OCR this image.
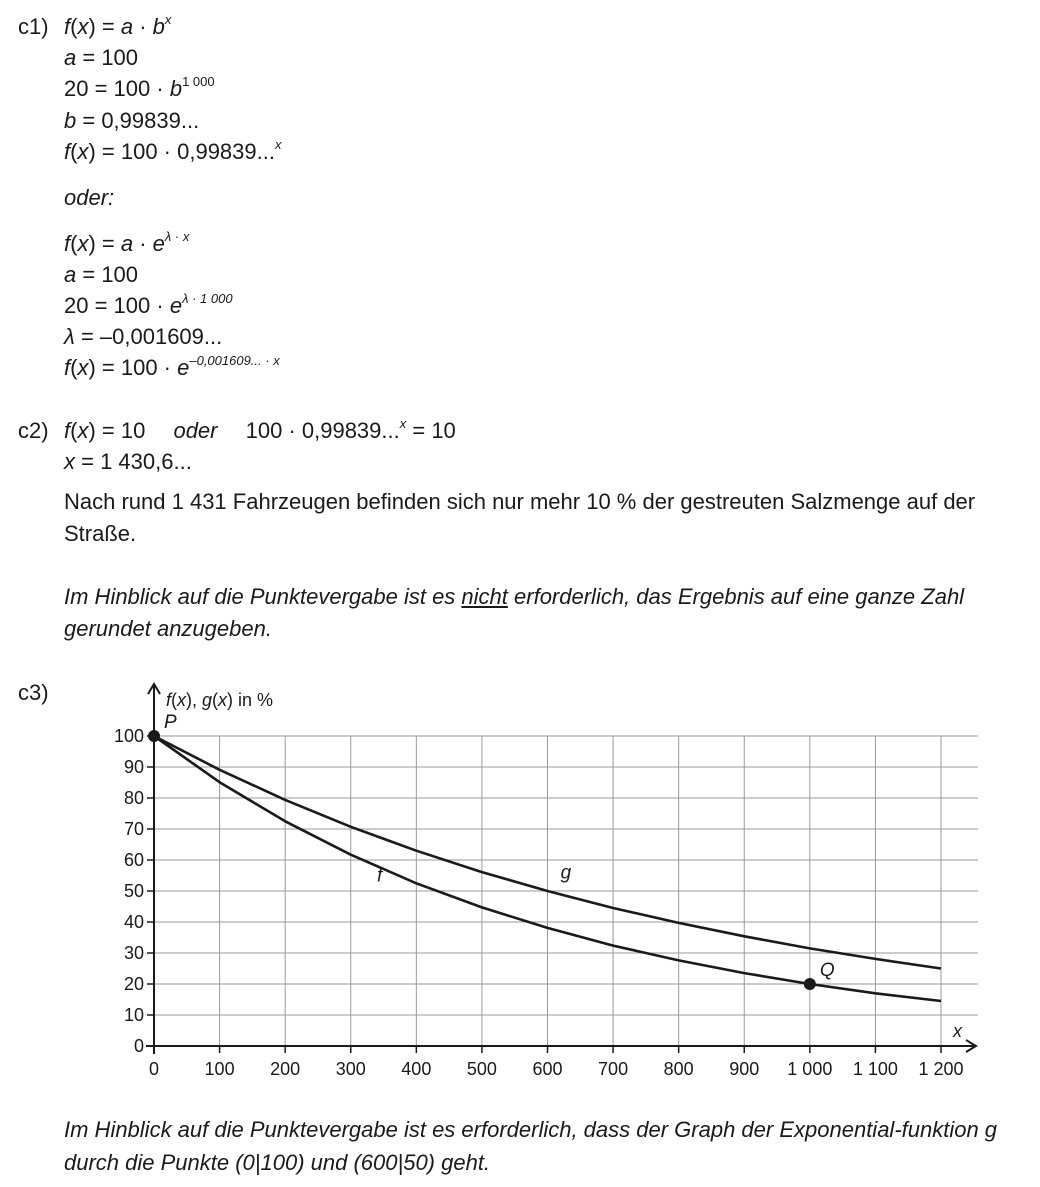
c1) $f(x) = a \cdot b^x$
a = 100
$20 = 100 \cdot b^{1 000}$
b = 0,99839...
f(x) = 100 · 0,99839...$^x$
oder:
$f(x) = a \cdot e^{\lambda \cdot x}$
a = 100
$20 = 100 \cdot e^{\lambda \cdot 1 000}$
λ = –0,001609...
$f(x) = 100 \cdot e^{-0,001609... \cdot x}$
c2) f(x) = 10 oder 100 · 0,99839...$^x$ = 10
x = 1 430,6...
Nach rund 1 431 Fahrzeugen befinden sich nur mehr 10 % der gestreuten Salzmenge auf der Straße.
Im Hinblick auf die Punktevergabe ist es nicht erforderlich, das Ergebnis auf eine ganze Zahl gerundet anzugeben.
c3)
0	100 200 300 400 500 600 700 800 900 1 000 1 100 1 200
0
10
20
30
40
50
60
70
80
90
100
f	g
P
Q
f(x), g(x) in %
x
Im Hinblick auf die Punktevergabe ist es erforderlich, dass der Graph der Exponential-funktion g durch die Punkte (0|100) und (600|50) geht.
